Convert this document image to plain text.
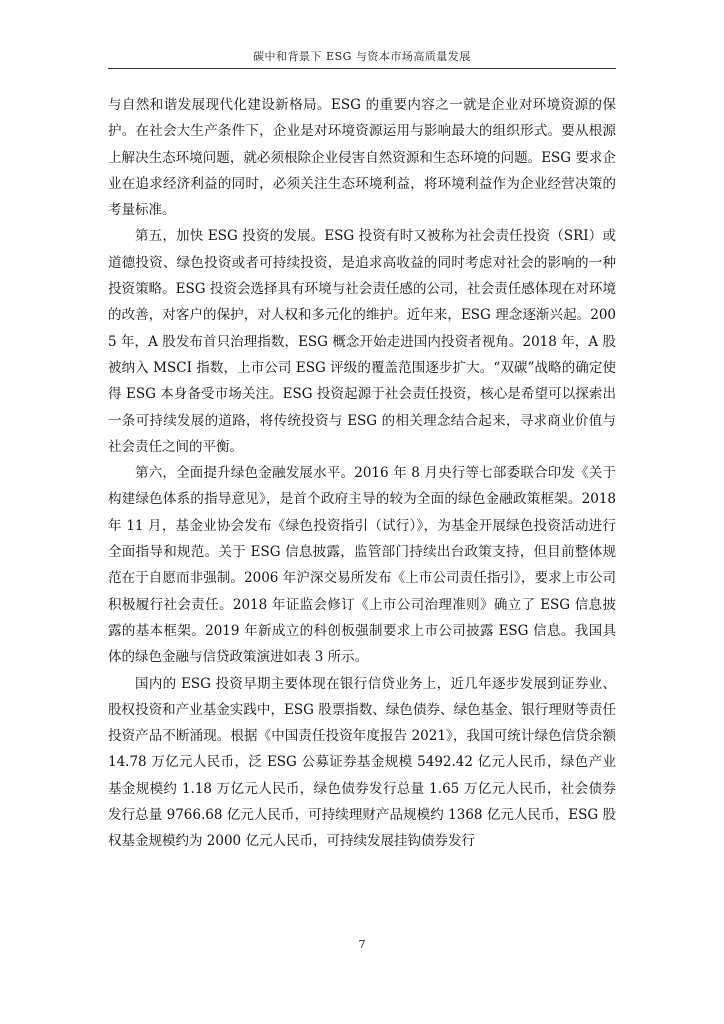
碳中和背景下 ESG 与资本市场高质量发展

与自然和谐发展现代化建设新格局。ESG 的重要内容之一就是企业对环境资源的保护。在社会大生产条件下，企业是对环境资源运用与影响最大的组织形式。要从根源上解决生态环境问题，就必须根除企业侵害自然资源和生态环境的问题。ESG 要求企业在追求经济利益的同时，必须关注生态环境利益，将环境利益作为企业经营决策的考量标准。

第五，加快 ESG 投资的发展。ESG 投资有时又被称为社会责任投资（SRI）或道德投资、绿色投资或者可持续投资，是追求高收益的同时考虑对社会的影响的一种投资策略。ESG 投资会选择具有环境与社会责任感的公司，社会责任感体现在对环境的改善，对客户的保护，对人权和多元化的维护。近年来，ESG 理念逐渐兴起。2005 年，A 股发布首只治理指数，ESG 概念开始走进国内投资者视角。2018 年，A 股被纳入 MSCI 指数，上市公司 ESG 评级的覆盖范围逐步扩大。“双碳”战略的确定使得 ESG 本身备受市场关注。ESG 投资起源于社会责任投资，核心是希望可以探索出一条可持续发展的道路，将传统投资与 ESG 的相关理念结合起来，寻求商业价值与社会责任之间的平衡。

第六，全面提升绿色金融发展水平。2016 年 8 月央行等七部委联合印发《关于构建绿色体系的指导意见》，是首个政府主导的较为全面的绿色金融政策框架。2018 年 11 月，基金业协会发布《绿色投资指引（试行）》，为基金开展绿色投资活动进行全面指导和规范。关于 ESG 信息披露，监管部门持续出台政策支持，但目前整体规范在于自愿而非强制。2006 年沪深交易所发布《上市公司责任指引》，要求上市公司积极履行社会责任。2018 年证监会修订《上市公司治理准则》确立了 ESG 信息披露的基本框架。2019 年新成立的科创板强制要求上市公司披露 ESG 信息。我国具体的绿色金融与信贷政策演进如表 3 所示。

国内的 ESG 投资早期主要体现在银行信贷业务上，近几年逐步发展到证券业、股权投资和产业基金实践中，ESG 股票指数、绿色债券、绿色基金、银行理财等责任投资产品不断涌现。根据《中国责任投资年度报告 2021》，我国可统计绿色信贷余额 14.78 万亿元人民币，泛 ESG 公募证券基金规模 5492.42 亿元人民币，绿色产业基金规模约 1.18 万亿元人民币，绿色债券发行总量 1.65 万亿元人民币，社会债券发行总量 9766.68 亿元人民币，可持续理财产品规模约 1368 亿元人民币，ESG 股权基金规模约为 2000 亿元人民币，可持续发展挂钩债券发行

7
